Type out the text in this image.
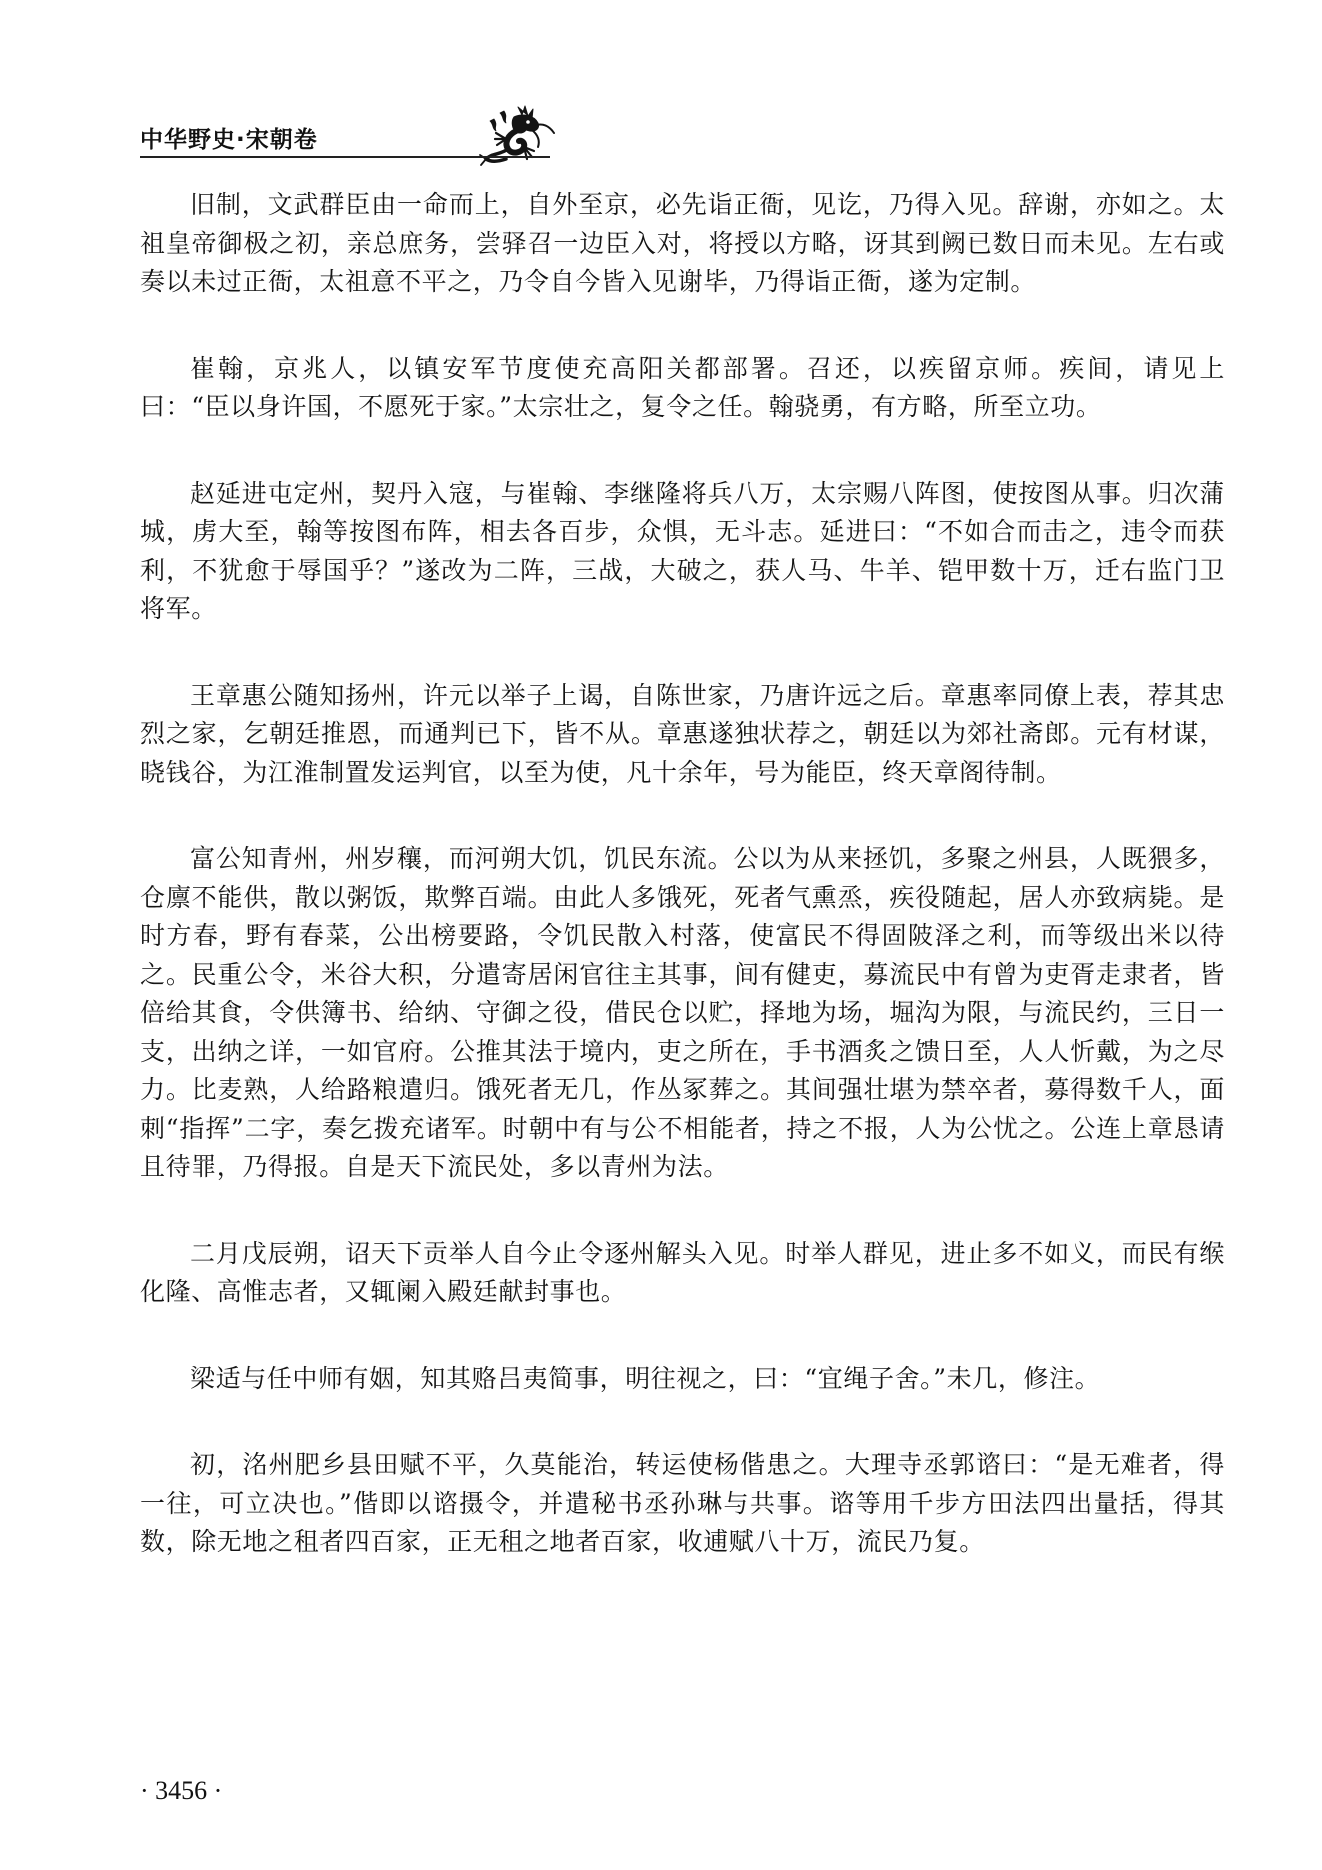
中华野史·宋朝卷

旧制，文武群臣由一命而上，自外至京，必先诣正衙，见讫，乃得入见。辞谢，亦如之。太祖皇帝御极之初，亲总庶务，尝驿召一边臣入对，将授以方略，讶其到阙已数日而未见。左右或奏以未过正衙，太祖意不平之，乃令自今皆入见谢毕，乃得诣正衙，遂为定制。

崔翰，京兆人，以镇安军节度使充高阳关都部署。召还，以疾留京师。疾间，请见上曰：“臣以身许国，不愿死于家。”太宗壮之，复令之任。翰骁勇，有方略，所至立功。

赵延进屯定州，契丹入寇，与崔翰、李继隆将兵八万，太宗赐八阵图，使按图从事。归次蒲城，虏大至，翰等按图布阵，相去各百步，众惧，无斗志。延进曰：“不如合而击之，违令而获利，不犹愈于辱国乎？”遂改为二阵，三战，大破之，获人马、牛羊、铠甲数十万，迁右监门卫将军。

王章惠公随知扬州，许元以举子上谒，自陈世家，乃唐许远之后。章惠率同僚上表，荐其忠烈之家，乞朝廷推恩，而通判已下，皆不从。章惠遂独状荐之，朝廷以为郊社斋郎。元有材谋，晓钱谷，为江淮制置发运判官，以至为使，凡十余年，号为能臣，终天章阁待制。

富公知青州，州岁穰，而河朔大饥，饥民东流。公以为从来拯饥，多聚之州县，人既猥多，仓廪不能供，散以粥饭，欺弊百端。由此人多饿死，死者气熏烝，疾役随起，居人亦致病毙。是时方春，野有春菜，公出榜要路，令饥民散入村落，使富民不得固陂泽之利，而等级出米以待之。民重公令，米谷大积，分遣寄居闲官往主其事，间有健吏，募流民中有曾为吏胥走隶者，皆倍给其食，令供簿书、给纳、守御之役，借民仓以贮，择地为场，堀沟为限，与流民约，三日一支，出纳之详，一如官府。公推其法于境内，吏之所在，手书酒炙之馈日至，人人忻戴，为之尽力。比麦熟，人给路粮遣归。饿死者无几，作丛冢葬之。其间强壮堪为禁卒者，募得数千人，面刺“指挥”二字，奏乞拨充诸军。时朝中有与公不相能者，持之不报，人为公忧之。公连上章恳请且待罪，乃得报。自是天下流民处，多以青州为法。

二月戊辰朔，诏天下贡举人自今止令逐州解头入见。时举人群见，进止多不如义，而民有缑化隆、高惟志者，又辄阑入殿廷献封事也。

梁适与任中师有姻，知其赂吕夷简事，明往视之，曰：“宜绳子舍。”未几，修注。

初，洺州肥乡县田赋不平，久莫能治，转运使杨偕患之。大理寺丞郭谘曰：“是无难者，得一往，可立决也。”偕即以谘摄令，并遣秘书丞孙琳与共事。谘等用千步方田法四出量括，得其数，除无地之租者四百家，正无租之地者百家，收逋赋八十万，流民乃复。

· 3456 ·
